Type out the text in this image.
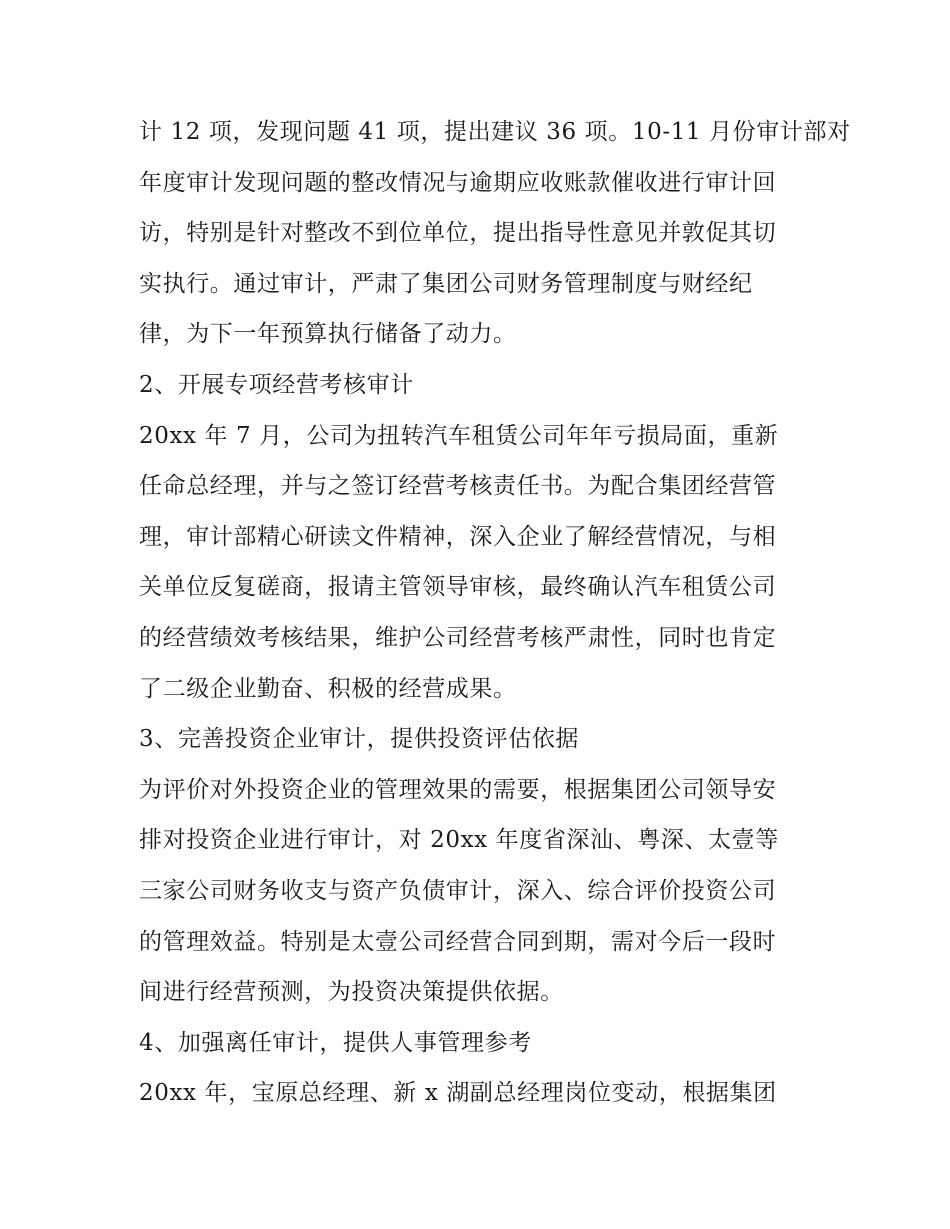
计 12 项，发现问题 41 项，提出建议 36 项。10-11 月份审计部对
年度审计发现问题的整改情况与逾期应收账款催收进行审计回
访，特别是针对整改不到位单位，提出指导性意见并敦促其切
实执行。通过审计，严肃了集团公司财务管理制度与财经纪
律，为下一年预算执行储备了动力。
2、开展专项经营考核审计
20xx 年 7 月，公司为扭转汽车租赁公司年年亏损局面，重新
任命总经理，并与之签订经营考核责任书。为配合集团经营管
理，审计部精心研读文件精神，深入企业了解经营情况，与相
关单位反复磋商，报请主管领导审核，最终确认汽车租赁公司
的经营绩效考核结果，维护公司经营考核严肃性，同时也肯定
了二级企业勤奋、积极的经营成果。
3、完善投资企业审计，提供投资评估依据
为评价对外投资企业的管理效果的需要，根据集团公司领导安
排对投资企业进行审计，对 20xx 年度省深汕、粤深、太壹等
三家公司财务收支与资产负债审计，深入、综合评价投资公司
的管理效益。特别是太壹公司经营合同到期，需对今后一段时
间进行经营预测，为投资决策提供依据。
4、加强离任审计，提供人事管理参考
20xx 年，宝原总经理、新 x 湖副总经理岗位变动，根据集团
